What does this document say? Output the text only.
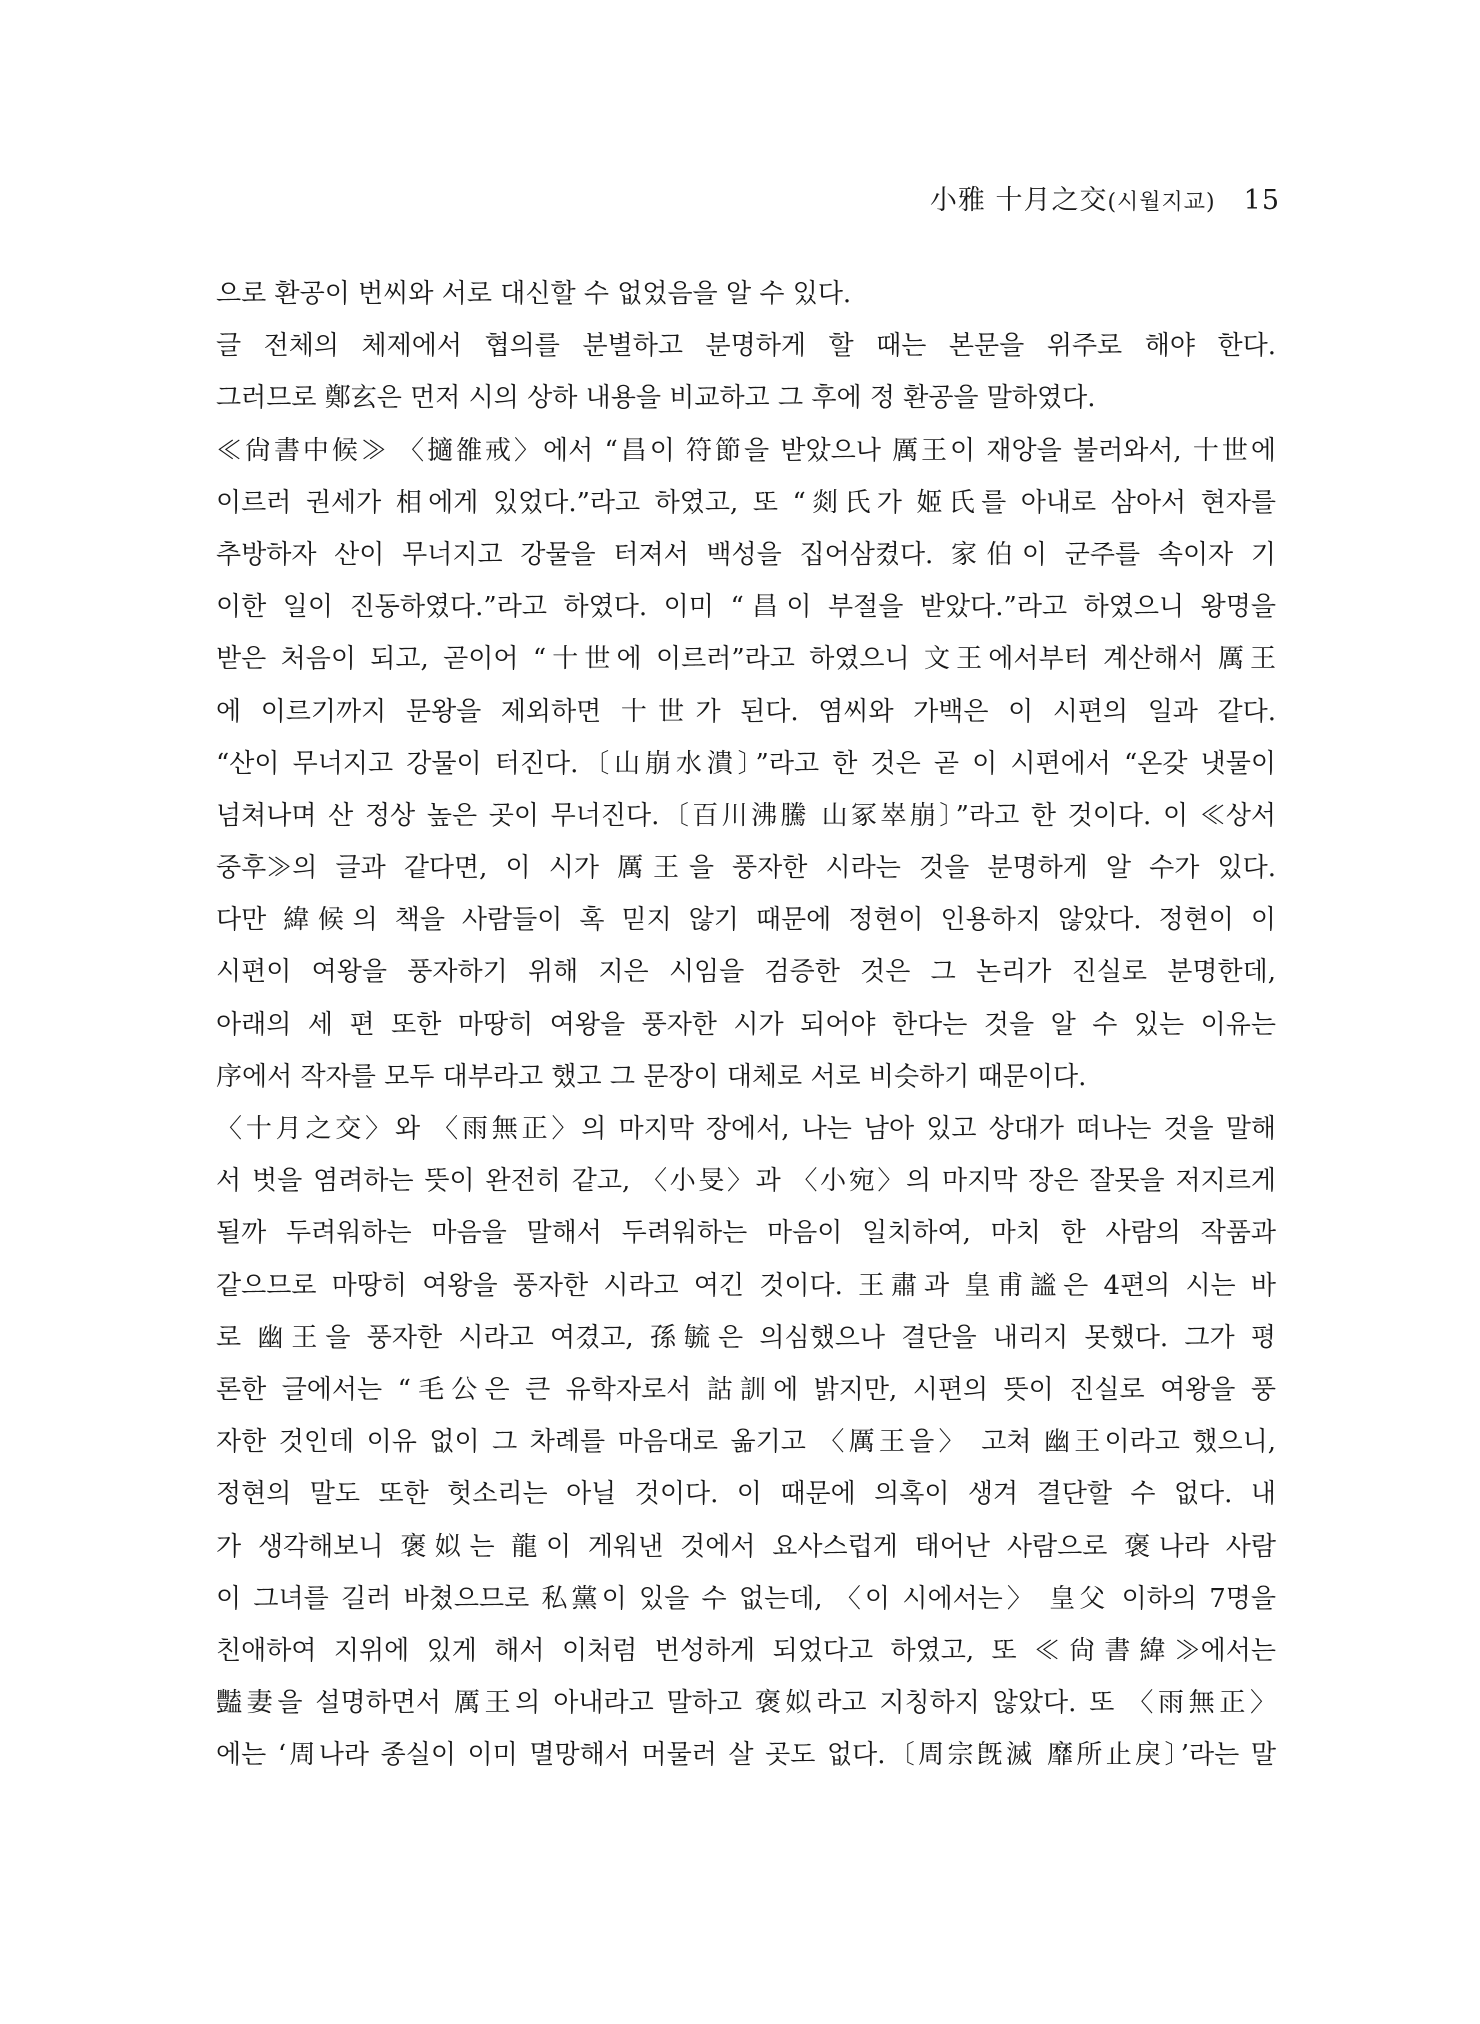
小雅 十月之交(시월지교) 15
으로 환공이 번씨와 서로 대신할 수 없었음을 알 수 있다.
글 전체의 체제에서 협의를 분별하고 분명하게 할 때는 본문을 위주로 해야 한다.
그러므로 鄭玄은 먼저 시의 상하 내용을 비교하고 그 후에 정 환공을 말하였다.
≪尙書中候≫ 〈擿雒戒〉에서 “昌이 符節을 받았으나 厲王이 재앙을 불러와서, 十世에
이르러 권세가 相에게 있었다.”라고 하였고, 또 “剡氏가 姬氏를 아내로 삼아서 현자를
추방하자 산이 무너지고 강물을 터져서 백성을 집어삼켰다. 家伯이 군주를 속이자 기
이한 일이 진동하였다.”라고 하였다. 이미 “昌이 부절을 받았다.”라고 하였으니 왕명을
받은 처음이 되고, 곧이어 “十世에 이르러”라고 하였으니 文王에서부터 계산해서 厲王
에 이르기까지 문왕을 제외하면 十世가 된다. 염씨와 가백은 이 시편의 일과 같다.
“산이 무너지고 강물이 터진다.〔山崩水潰〕”라고 한 것은 곧 이 시편에서 “온갖 냇물이
넘쳐나며 산 정상 높은 곳이 무너진다.〔百川沸騰 山冢崒崩〕”라고 한 것이다. 이 ≪상서
중후≫의 글과 같다면, 이 시가 厲王을 풍자한 시라는 것을 분명하게 알 수가 있다.
다만 緯候의 책을 사람들이 혹 믿지 않기 때문에 정현이 인용하지 않았다. 정현이 이
시편이 여왕을 풍자하기 위해 지은 시임을 검증한 것은 그 논리가 진실로 분명한데,
아래의 세 편 또한 마땅히 여왕을 풍자한 시가 되어야 한다는 것을 알 수 있는 이유는
序에서 작자를 모두 대부라고 했고 그 문장이 대체로 서로 비슷하기 때문이다.
〈十月之交〉와 〈雨無正〉의 마지막 장에서, 나는 남아 있고 상대가 떠나는 것을 말해
서 벗을 염려하는 뜻이 완전히 같고, 〈小旻〉과 〈小宛〉의 마지막 장은 잘못을 저지르게
될까 두려워하는 마음을 말해서 두려워하는 마음이 일치하여, 마치 한 사람의 작품과
같으므로 마땅히 여왕을 풍자한 시라고 여긴 것이다. 王肅과 皇甫謐은 4편의 시는 바
로 幽王을 풍자한 시라고 여겼고, 孫毓은 의심했으나 결단을 내리지 못했다. 그가 평
론한 글에서는 “毛公은 큰 유학자로서 詁訓에 밝지만, 시편의 뜻이 진실로 여왕을 풍
자한 것인데 이유 없이 그 차례를 마음대로 옮기고 〈厲王을〉 고쳐 幽王이라고 했으니,
정현의 말도 또한 헛소리는 아닐 것이다. 이 때문에 의혹이 생겨 결단할 수 없다. 내
가 생각해보니 褒姒는 龍이 게워낸 것에서 요사스럽게 태어난 사람으로 褒나라 사람
이 그녀를 길러 바쳤으므로 私黨이 있을 수 없는데, 〈이 시에서는〉 皇父 이하의 7명을
친애하여 지위에 있게 해서 이처럼 번성하게 되었다고 하였고, 또 ≪尙書緯≫에서는
豔妻을 설명하면서 厲王의 아내라고 말하고 褒姒라고 지칭하지 않았다. 또 〈雨無正〉
에는 ‘周나라 종실이 이미 멸망해서 머물러 살 곳도 없다.〔周宗旣滅 靡所止戾〕’라는 말
